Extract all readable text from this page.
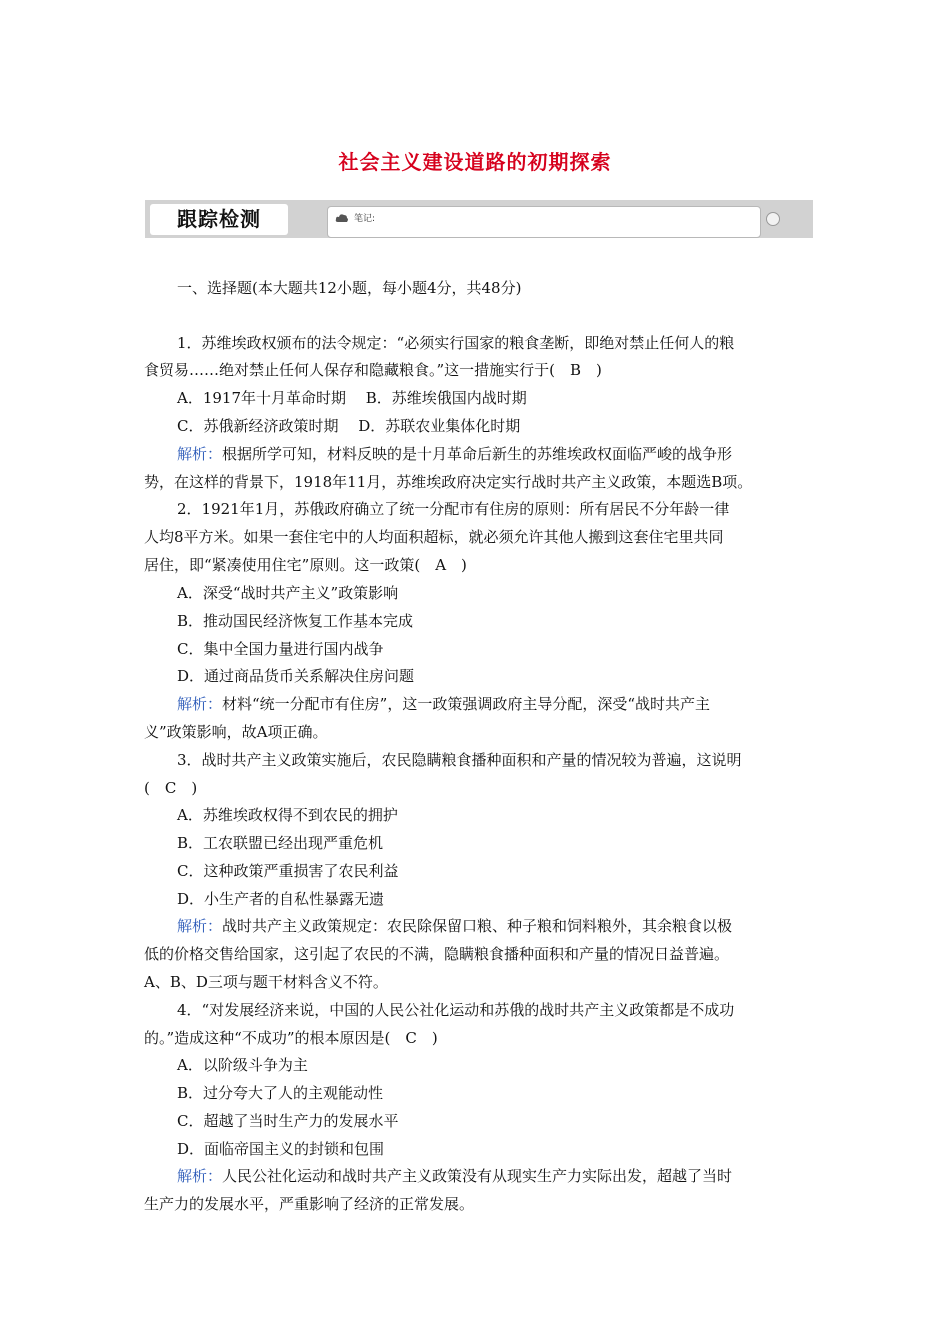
社会主义建设道路的初期探索
跟踪检测	笔记:
一、选择题(本大题共12小题，每小题4分，共48分)
1．苏维埃政权颁布的法令规定：“必须实行国家的粮食垄断，即绝对禁止任何人的粮
食贸易……绝对禁止任何人保存和隐藏粮食。”这一措施实行于(　B　)
A．1917年十月革命时期　 B．苏维埃俄国内战时期
C．苏俄新经济政策时期　 D．苏联农业集体化时期
解析：根据所学可知，材料反映的是十月革命后新生的苏维埃政权面临严峻的战争形
势，在这样的背景下，1918年11月，苏维埃政府决定实行战时共产主义政策，本题选B项。
2．1921年1月，苏俄政府确立了统一分配市有住房的原则：所有居民不分年龄一律
人均8平方米。如果一套住宅中的人均面积超标，就必须允许其他人搬到这套住宅里共同
居住，即“紧凑使用住宅”原则。这一政策(　A　)
A．深受“战时共产主义”政策影响
B．推动国民经济恢复工作基本完成
C．集中全国力量进行国内战争
D．通过商品货币关系解决住房问题
解析：材料“统一分配市有住房”，这一政策强调政府主导分配，深受“战时共产主
义”政策影响，故A项正确。
3．战时共产主义政策实施后，农民隐瞒粮食播种面积和产量的情况较为普遍，这说明
(　C　)
A．苏维埃政权得不到农民的拥护
B．工农联盟已经出现严重危机
C．这种政策严重损害了农民利益
D．小生产者的自私性暴露无遗
解析：战时共产主义政策规定：农民除保留口粮、种子粮和饲料粮外，其余粮食以极
低的价格交售给国家，这引起了农民的不满，隐瞒粮食播种面积和产量的情况日益普遍。
A、B、D三项与题干材料含义不符。
4．“对发展经济来说，中国的人民公社化运动和苏俄的战时共产主义政策都是不成功
的。”造成这种“不成功”的根本原因是(　C　)
A．以阶级斗争为主
B．过分夸大了人的主观能动性
C．超越了当时生产力的发展水平
D．面临帝国主义的封锁和包围
解析：人民公社化运动和战时共产主义政策没有从现实生产力实际出发，超越了当时
生产力的发展水平，严重影响了经济的正常发展。
